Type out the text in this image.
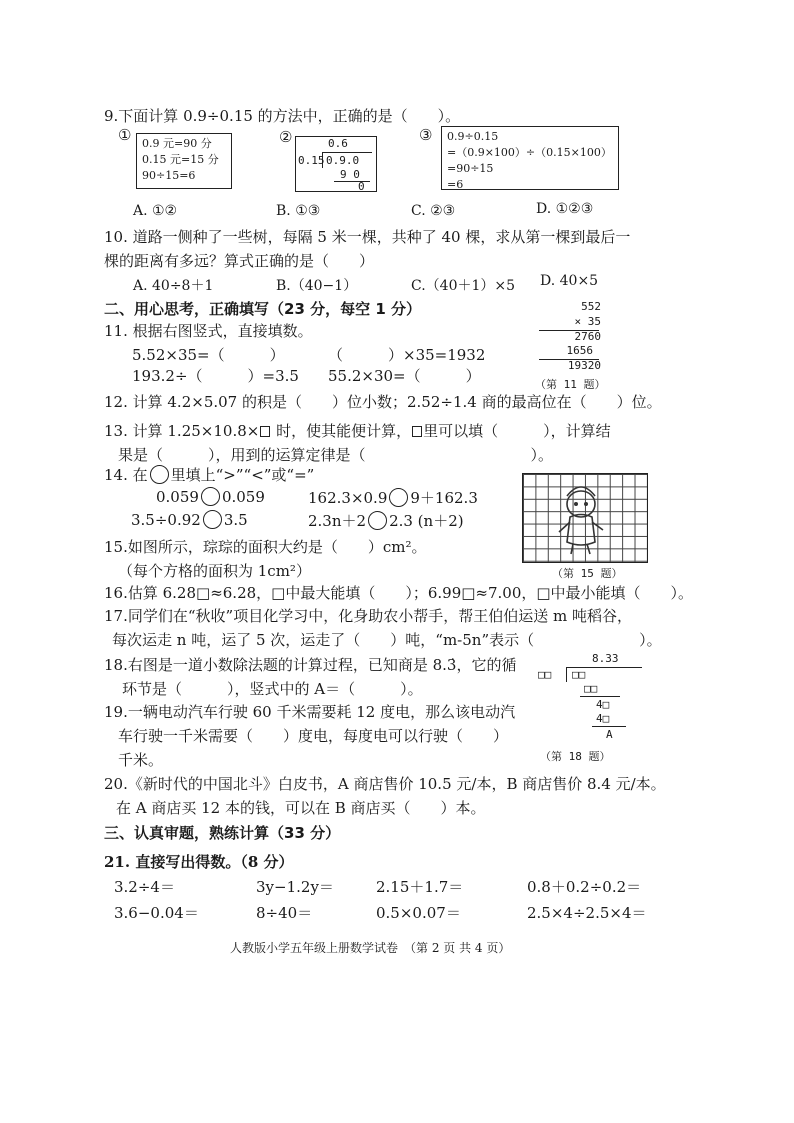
9.下面计算 0.9÷0.15 的方法中，正确的是（　　）。
① 0.9 元=90 分
0.15 元=15 分
90÷15=6
②	0.6
0.15 0.9.0
9 0
0
③ 0.9÷0.15
=（0.9×100）÷（0.15×100）
=90÷15
=6
A. ①②	B. ①③	C. ②③	D. ①②③
10. 道路一侧种了一些树，每隔 5 米一棵，共种了 40 棵，求从第一棵到最后一
棵的距离有多远？算式正确的是（　　）
A. 40÷8＋1	B.（40−1）	C.（40＋1）×5 D. 40×5
二、用心思考，正确填写（23 分，每空 1 分）
11. 根据右图竖式，直接填数。
5.52×35=（　　　）	（　　　）×35=1932
193.2÷（　　　）=3.5 55.2×30=（　　　）
552
× 35
2760
1656
19320
（第 11 题）
12. 计算 4.2×5.07 的积是（　　）位小数；2.52÷1.4 商的最高位在（　　）位。
13. 计算 1.25×10.8× 时，使其能便计算， 里可以填（　　　），计算结
果是（　　　），用到的运算定律是（　　　　　　　　　　　）。
14. 在 里填上“>”“<”或“=”
0.059 0.059	162.3×0.9 9＋162.3
3.5÷0.92 3.5	2.3n＋2 2.3 (n＋2)
15.如图所示，琮琮的面积大约是（　　）cm²。
（每个方格的面积为 1cm²）	（第 15 题）
16.估算 6.28□≈6.28，□中最大能填（　　）；6.99□≈7.00，□中最小能填（　　）。
17.同学们在“秋收”项目化学习中，化身助农小帮手，帮王伯伯运送 m 吨稻谷，
每次运走 n 吨，运了 5 次，运走了（　　）吨，“m-5n”表示（　　　　　　　）。
18.右图是一道小数除法题的计算过程，已知商是 8.3̇，它的循
环节是（　　　），竖式中的 A＝（　　　）。
8.33
□□ □□
□□
4□
4□
A
（第 18 题）
19.一辆电动汽车行驶 60 千米需要耗 12 度电，那么该电动汽
车行驶一千米需要（　　）度电，每度电可以行驶（　　）
千米。
20.《新时代的中国北斗》白皮书，A 商店售价 10.5 元/本，B 商店售价 8.4 元/本。
在 A 商店买 12 本的钱，可以在 B 商店买（　　）本。
三、认真审题，熟练计算（33 分）
21. 直接写出得数。（8 分）
3.2÷4＝	3y−1.2y＝	2.15＋1.7＝	0.8＋0.2÷0.2＝
3.6−0.04＝	8÷40＝	0.5×0.07＝	2.5×4÷2.5×4＝
人教版小学五年级上册数学试卷　（第 2 页 共 4 页）
